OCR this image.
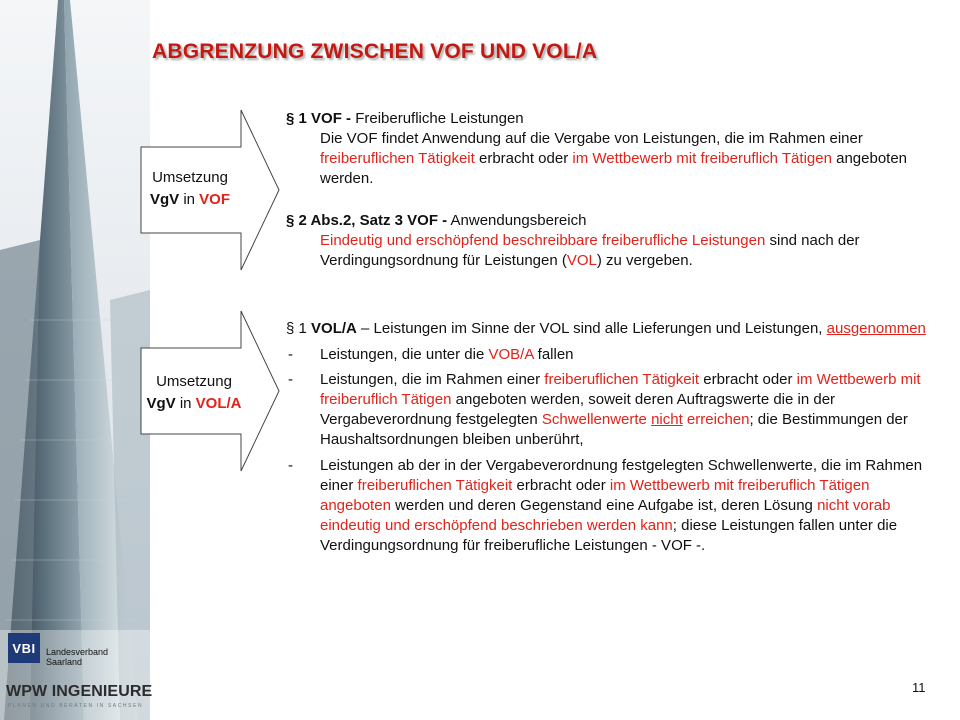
ABGRENZUNG ZWISCHEN VOF UND VOL/A
Umsetzung
VgV in VOF
§ 1 VOF - Freiberufliche Leistungen
Die VOF findet Anwendung auf die Vergabe von Leistungen, die im Rahmen einer freiberuflichen Tätigkeit erbracht oder im Wettbewerb mit freiberuflich Tätigen angeboten werden.
§ 2 Abs.2, Satz 3 VOF - Anwendungsbereich
Eindeutig und erschöpfend beschreibbare freiberufliche Leistungen sind nach der Verdingungsordnung für Leistungen (VOL) zu vergeben.
Umsetzung
VgV in VOL/A
§ 1 VOL/A – Leistungen im Sinne der VOL sind alle Lieferungen und Leistungen, ausgenommen
- Leistungen, die unter die VOB/A fallen
- Leistungen, die im Rahmen einer freiberuflichen Tätigkeit erbracht oder im Wettbewerb mit freiberuflich Tätigen angeboten werden, soweit deren Auftragswerte die in der Vergabeverordnung festgelegten Schwellenwerte nicht erreichen; die Bestimmungen der Haushaltsordnungen bleiben unberührt,
- Leistungen ab der in der Vergabeverordnung festgelegten Schwellenwerte, die im Rahmen einer freiberuflichen Tätigkeit erbracht oder im Wettbewerb mit freiberuflich Tätigen angeboten werden und deren Gegenstand eine Aufgabe ist, deren Lösung nicht vorab eindeutig und erschöpfend beschrieben werden kann; diese Leistungen fallen unter die Verdingungsordnung für freiberufliche Leistungen - VOF -.
VBI	Landesverband
Saarland
WPW INGENIEURE
PLANEN UND BERATEN IN SACHSEN
11
